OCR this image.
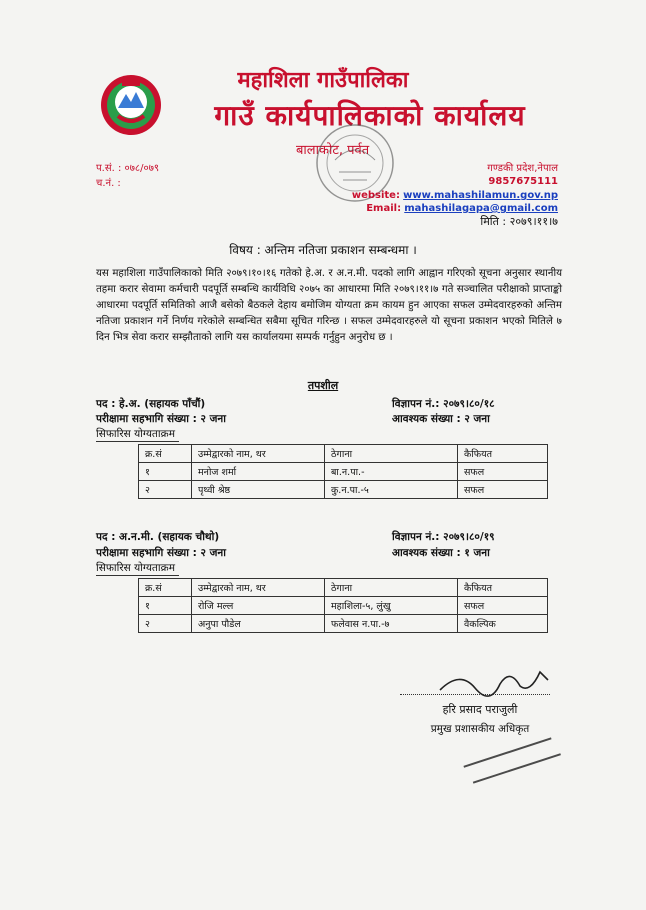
महाशिला गाउँपालिका
गाउँ कार्यपालिकाको कार्यालय
बालाकोट, पर्वत
प.सं. : ०७८/०७९
च.नं. :
गण्डकी प्रदेश,नेपाल
9857675111
website: www.mahashilamun.gov.np
Email: mahashilagapa@gmail.com
मिति : २०७९।११।७
विषय : अन्तिम नतिजा प्रकाशन सम्बन्धमा ।
यस महाशिला गाउँपालिकाको मिति २०७९।१०।१६ गतेको हे.अ. र अ.न.मी. पदको लागि आह्वान गरिएको सूचना अनुसार स्थानीय तहमा करार सेवामा कर्मचारी पदपूर्ति सम्बन्धि कार्यविधि २०७५ का आधारमा मिति २०७९।११।७ गते सञ्चालित परीक्षाको प्राप्ताङ्को आधारमा पदपूर्ति समितिको आजै बसेको बैठकले देहाय बमोजिम योग्यता क्रम कायम हुन आएका सफल उम्मेदवारहरुको अन्तिम नतिजा प्रकाशन गर्ने निर्णय गरेकोले सम्बन्धित सबैमा सूचित गरिन्छ । सफल उम्मेदवारहरुले यो सूचना प्रकाशन भएको मितिले ७ दिन भित्र सेवा करार सम्झौताको लागि यस कार्यालयमा सम्पर्क गर्नुहुन अनुरोध छ ।
तपशील
पद : हे.अ. (सहायक पाँचौं)	विज्ञापन नं.: २०७९।८०/१८
परीक्षामा सहभागि संख्या : २ जना	आवश्यक संख्या : २ जना
सिफारिस योग्यताक्रम
क्र.सं	उम्मेद्वारको नाम, थर	ठेगाना	कैफियत
१	मनोज शर्मा	बा.न.पा.-	सफल
२	पृथ्वी श्रेष्ठ	कु.न.पा.-५	सफल
पद : अ.न.मी. (सहायक चौथो)	विज्ञापन नं.: २०७९।८०/१९
परीक्षामा सहभागि संख्या : २ जना	आवश्यक संख्या : १ जना
सिफारिस योग्यताक्रम
क्र.सं	उम्मेद्वारको नाम, थर	ठेगाना	कैफियत
१	रोजि मल्ल	महाशिला-५, लुंखु	सफल
२	अनुपा पौडेल	फलेवास न.पा.-७	वैकल्पिक
हरि प्रसाद पराजुली
प्रमुख प्रशासकीय अधिकृत
